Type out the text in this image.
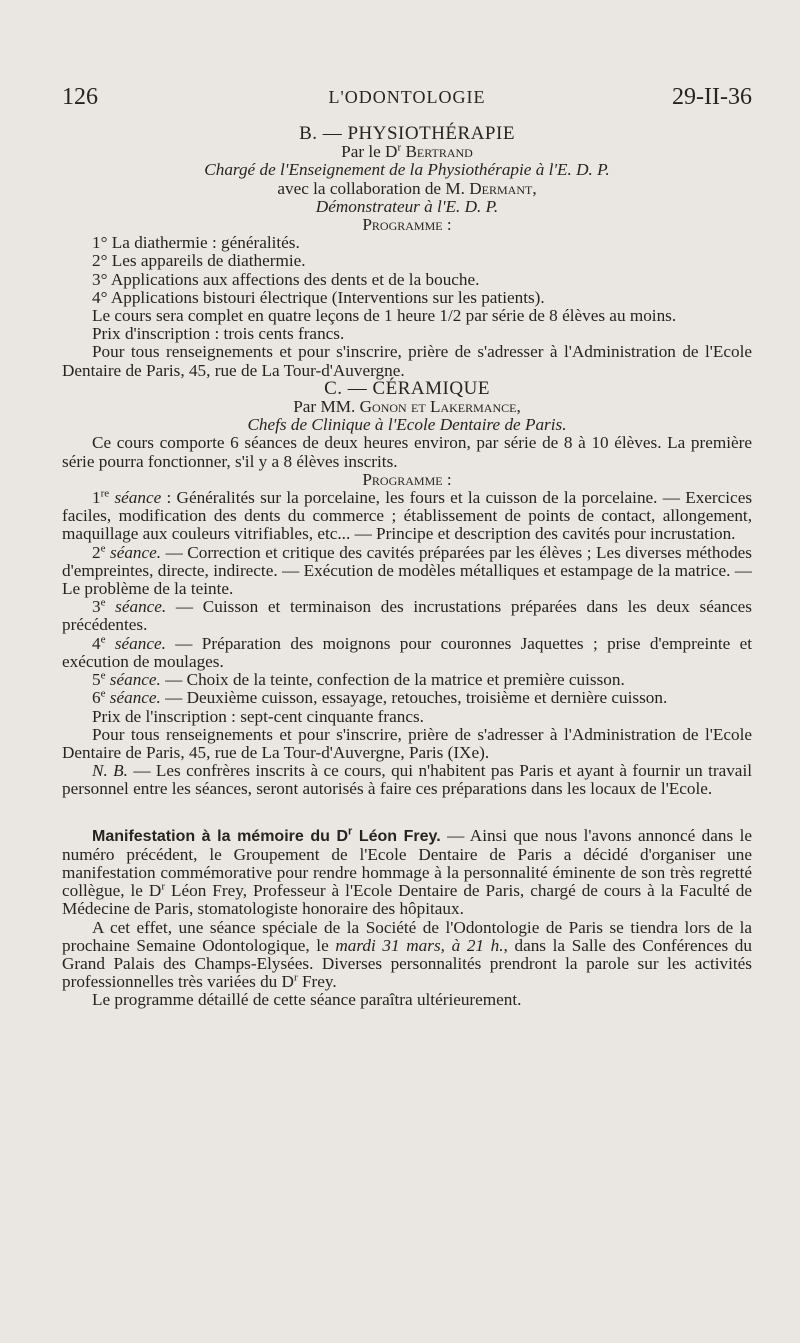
126	L'ODONTOLOGIE	29-II-36
B. — PHYSIOTHÉRAPIE
Par le $D^r$ Bertrand
Chargé de l'Enseignement de la Physiothérapie à l'E. D. P.
avec la collaboration de M. Dermant,
Démonstrateur à l'E. D. P.
Programme :
1° La diathermie : généralités.
2° Les appareils de diathermie.
3° Applications aux affections des dents et de la bouche.
4° Applications bistouri électrique (Interventions sur les patients).

Le cours sera complet en quatre leçons de 1 heure 1/2 par série de 8 élèves au moins.

Prix d'inscription : trois cents francs.

Pour tous renseignements et pour s'inscrire, prière de s'adresser à l'Administration de l'Ecole Dentaire de Paris, 45, rue de La Tour-d'Auvergne.

C. — CÉRAMIQUE
Par MM. Gonon et Lakermance,
Chefs de Clinique à l'Ecole Dentaire de Paris.

Ce cours comporte 6 séances de deux heures environ, par série de 8 à 10 élèves. La première série pourra fonctionner, s'il y a 8 élèves inscrits.

Programme :

1re séance : Généralités sur la porcelaine, les fours et la cuisson de la porcelaine. — Exercices faciles, modification des dents du commerce ; établissement de points de contact, allongement, maquillage aux couleurs vitrifiables, etc... — Principe et description des cavités pour incrustation.

2e séance. — Correction et critique des cavités préparées par les élèves ; Les diverses méthodes d'empreintes, directe, indirecte. — Exécution de modèles métalliques et estampage de la matrice. — Le problème de la teinte.

3e séance. — Cuisson et terminaison des incrustations préparées dans les deux séances précédentes.

4e séance. — Préparation des moignons pour couronnes Jaquettes ; prise d'empreinte et exécution de moulages.

5e séance. — Choix de la teinte, confection de la matrice et première cuisson.

6e séance. — Deuxième cuisson, essayage, retouches, troisième et dernière cuisson.

Prix de l'inscription : sept-cent cinquante francs.

Pour tous renseignements et pour s'inscrire, prière de s'adresser à l'Administration de l'Ecole Dentaire de Paris, 45, rue de La Tour-d'Auvergne, Paris (IXe).

N. B. — Les confrères inscrits à ce cours, qui n'habitent pas Paris et ayant à fournir un travail personnel entre les séances, seront autorisés à faire ces préparations dans les locaux de l'Ecole.

Manifestation à la mémoire du $D^r$ Léon Frey. — Ainsi que nous l'avons annoncé dans le numéro précédent, le Groupement de l'Ecole Dentaire de Paris a décidé d'organiser une manifestation commémorative pour rendre hommage à la personnalité éminente de son très regretté collègue, le $D^r$ Léon Frey, Professeur à l'Ecole Dentaire de Paris, chargé de cours à la Faculté de Médecine de Paris, stomatologiste honoraire des hôpitaux.

A cet effet, une séance spéciale de la Société de l'Odontologie de Paris se tiendra lors de la prochaine Semaine Odontologique, le mardi 31 mars, à 21 h., dans la Salle des Conférences du Grand Palais des Champs-Elysées. Diverses personnalités prendront la parole sur les activités professionnelles très variées du $D^r$ Frey.

Le programme détaillé de cette séance paraîtra ultérieurement.
